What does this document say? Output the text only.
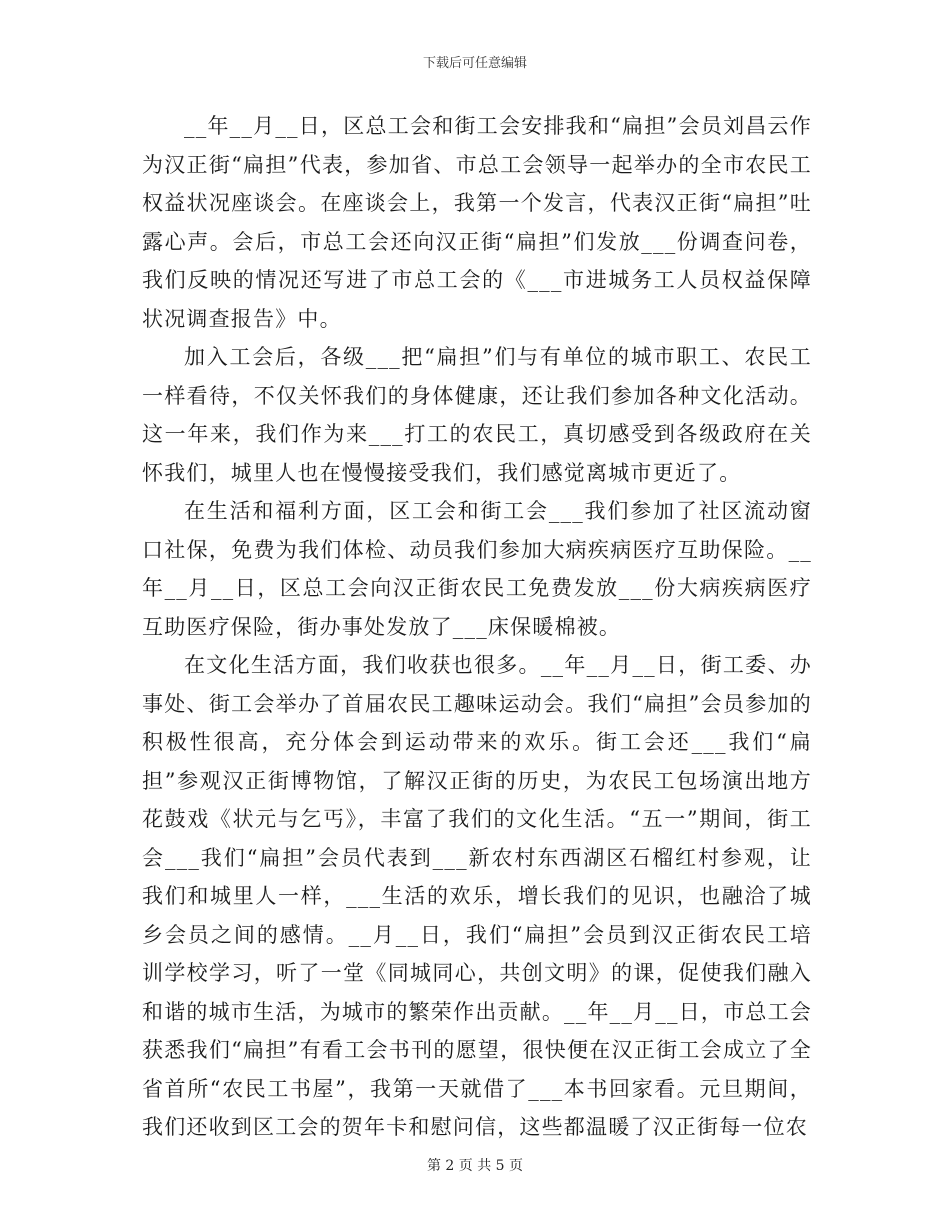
下载后可任意编辑

__年__月__日，区总工会和街工会安排我和“扁担”会员刘昌云作为汉正街“扁担”代表，参加省、市总工会领导一起举办的全市农民工权益状况座谈会。在座谈会上，我第一个发言，代表汉正街“扁担”吐露心声。会后，市总工会还向汉正街“扁担”们发放___份调查问卷，我们反映的情况还写进了市总工会的《___市进城务工人员权益保障状况调查报告》中。

加入工会后，各级___把“扁担”们与有单位的城市职工、农民工一样看待，不仅关怀我们的身体健康，还让我们参加各种文化活动。这一年来，我们作为来___打工的农民工，真切感受到各级政府在关怀我们，城里人也在慢慢接受我们，我们感觉离城市更近了。

在生活和福利方面，区工会和街工会___我们参加了社区流动窗口社保，免费为我们体检、动员我们参加大病疾病医疗互助保险。__年__月__日，区总工会向汉正街农民工免费发放___份大病疾病医疗互助医疗保险，街办事处发放了___床保暖棉被。

在文化生活方面，我们收获也很多。__年__月__日，街工委、办事处、街工会举办了首届农民工趣味运动会。我们“扁担”会员参加的积极性很高，充分体会到运动带来的欢乐。街工会还___我们“扁担”参观汉正街博物馆，了解汉正街的历史，为农民工包场演出地方花鼓戏《状元与乞丐》，丰富了我们的文化生活。“五一”期间，街工会___我们“扁担”会员代表到___新农村东西湖区石榴红村参观，让我们和城里人一样，___生活的欢乐，增长我们的见识，也融洽了城乡会员之间的感情。__月__日，我们“扁担”会员到汉正街农民工培训学校学习，听了一堂《同城同心，共创文明》的课，促使我们融入和谐的城市生活，为城市的繁荣作出贡献。__年__月__日，市总工会获悉我们“扁担”有看工会书刊的愿望，很快便在汉正街工会成立了全省首所“农民工书屋”，我第一天就借了___本书回家看。元旦期间，我们还收到区工会的贺年卡和慰问信，这些都温暖了汉正街每一位农

第 2 页 共 5 页
